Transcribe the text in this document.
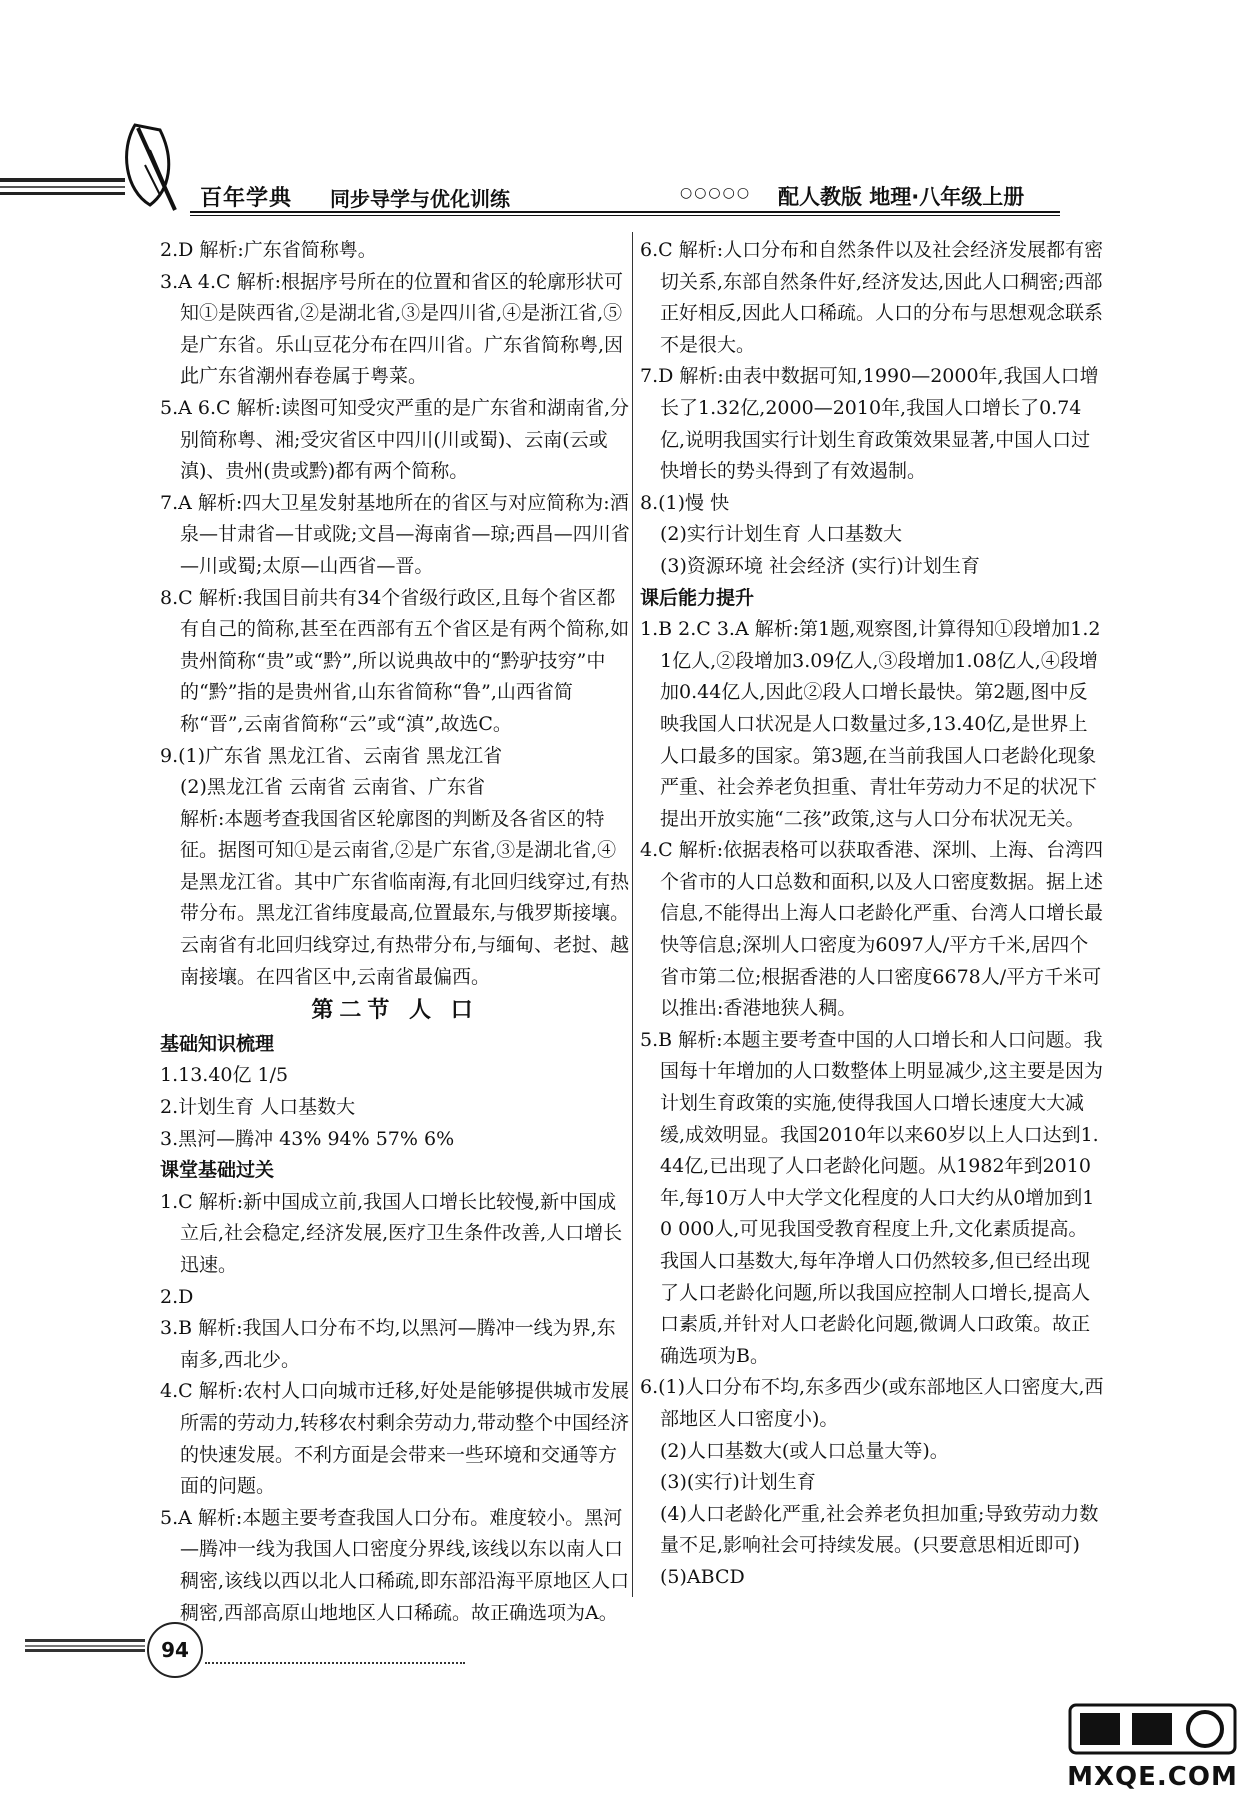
百年学典 同步导学与优化训练	○○○○○ 配人教版 地理·八年级上册

2.D 解析:广东省简称粤。

3.A 4.C 解析:根据序号所在的位置和省区的轮廓形状可知①是陕西省,②是湖北省,③是四川省,④是浙江省,⑤是广东省。乐山豆花分布在四川省。广东省简称粤,因此广东省潮州春卷属于粤菜。

5.A 6.C 解析:读图可知受灾严重的是广东省和湖南省,分别简称粤、湘;受灾省区中四川(川或蜀)、云南(云或滇)、贵州(贵或黔)都有两个简称。

7.A 解析:四大卫星发射基地所在的省区与对应简称为:酒泉—甘肃省—甘或陇;文昌—海南省—琼;西昌—四川省—川或蜀;太原—山西省—晋。

8.C 解析:我国目前共有34个省级行政区,且每个省区都有自己的简称,甚至在西部有五个省区是有两个简称,如贵州简称“贵”或“黔”,所以说典故中的“黔驴技穷”中的“黔”指的是贵州省,山东省简称“鲁”,山西省简称“晋”,云南省简称“云”或“滇”,故选C。

9.(1)广东省 黑龙江省、云南省 黑龙江省

(2)黑龙江省 云南省 云南省、广东省

解析:本题考查我国省区轮廓图的判断及各省区的特征。据图可知①是云南省,②是广东省,③是湖北省,④是黑龙江省。其中广东省临南海,有北回归线穿过,有热带分布。黑龙江省纬度最高,位置最东,与俄罗斯接壤。云南省有北回归线穿过,有热带分布,与缅甸、老挝、越南接壤。在四省区中,云南省最偏西。

第二节 人 口

基础知识梳理

1.13.40亿 1/5

2.计划生育 人口基数大

3.黑河—腾冲 43% 94% 57% 6%

课堂基础过关

1.C 解析:新中国成立前,我国人口增长比较慢,新中国成立后,社会稳定,经济发展,医疗卫生条件改善,人口增长迅速。

2.D

3.B 解析:我国人口分布不均,以黑河—腾冲一线为界,东南多,西北少。

4.C 解析:农村人口向城市迁移,好处是能够提供城市发展所需的劳动力,转移农村剩余劳动力,带动整个中国经济的快速发展。不利方面是会带来一些环境和交通等方面的问题。

5.A 解析:本题主要考查我国人口分布。难度较小。黑河—腾冲一线为我国人口密度分界线,该线以东以南人口稠密,该线以西以北人口稀疏,即东部沿海平原地区人口稠密,西部高原山地地区人口稀疏。故正确选项为A。

6.C 解析:人口分布和自然条件以及社会经济发展都有密切关系,东部自然条件好,经济发达,因此人口稠密;西部正好相反,因此人口稀疏。人口的分布与思想观念联系不是很大。

7.D 解析:由表中数据可知,1990—2000年,我国人口增长了1.32亿,2000—2010年,我国人口增长了0.74亿,说明我国实行计划生育政策效果显著,中国人口过快增长的势头得到了有效遏制。

8.(1)慢 快

(2)实行计划生育 人口基数大

(3)资源环境 社会经济 (实行)计划生育

课后能力提升

1.B 2.C 3.A 解析:第1题,观察图,计算得知①段增加1.21亿人,②段增加3.09亿人,③段增加1.08亿人,④段增加0.44亿人,因此②段人口增长最快。第2题,图中反映我国人口状况是人口数量过多,13.40亿,是世界上人口最多的国家。第3题,在当前我国人口老龄化现象严重、社会养老负担重、青壮年劳动力不足的状况下提出开放实施“二孩”政策,这与人口分布状况无关。

4.C 解析:依据表格可以获取香港、深圳、上海、台湾四个省市的人口总数和面积,以及人口密度数据。据上述信息,不能得出上海人口老龄化严重、台湾人口增长最快等信息;深圳人口密度为6097人/平方千米,居四个省市第二位;根据香港的人口密度6678人/平方千米可以推出:香港地狭人稠。

5.B 解析:本题主要考查中国的人口增长和人口问题。我国每十年增加的人口数整体上明显减少,这主要是因为计划生育政策的实施,使得我国人口增长速度大大减缓,成效明显。我国2010年以来60岁以上人口达到1.44亿,已出现了人口老龄化问题。从1982年到2010年,每10万人中大学文化程度的人口大约从0增加到10 000人,可见我国受教育程度上升,文化素质提高。我国人口基数大,每年净增人口仍然较多,但已经出现了人口老龄化问题,所以我国应控制人口增长,提高人口素质,并针对人口老龄化问题,微调人口政策。故正确选项为B。

6.(1)人口分布不均,东多西少(或东部地区人口密度大,西部地区人口密度小)。

(2)人口基数大(或人口总量大等)。

(3)(实行)计划生育

(4)人口老龄化严重,社会养老负担加重;导致劳动力数量不足,影响社会可持续发展。(只要意思相近即可)

(5)ABCD

94
MXQE.COM
